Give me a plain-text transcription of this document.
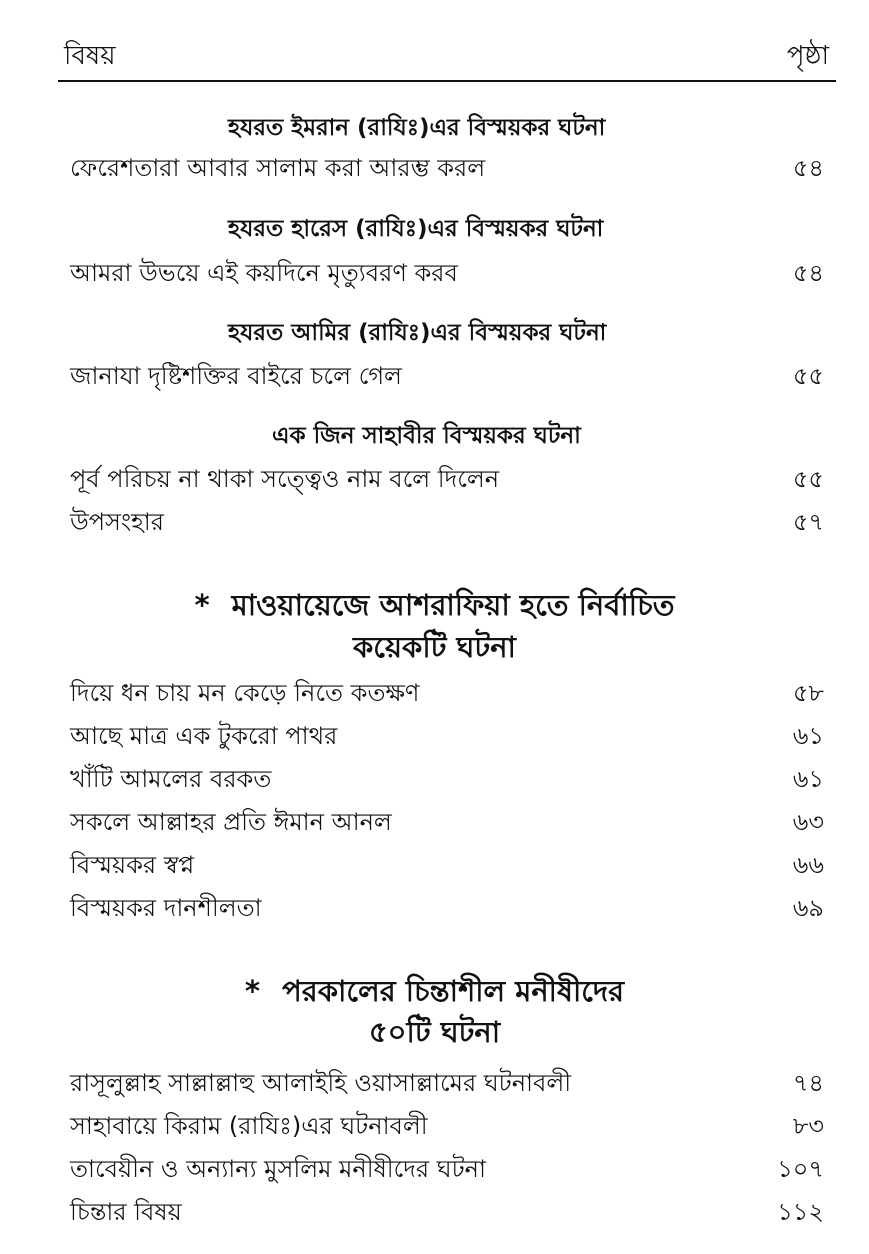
বিষয়	পৃষ্ঠা
হযরত ইমরান (রাযিঃ)এর বিস্ময়কর ঘটনা
ফেরেশতারা আবার সালাম করা আরম্ভ করল	৫৪
হযরত হারেস (রাযিঃ)এর বিস্ময়কর ঘটনা
আমরা উভয়ে এই কয়দিনে মৃত্যুবরণ করব	৫৪
হযরত আমির (রাযিঃ)এর বিস্ময়কর ঘটনা
জানাযা দৃষ্টিশক্তির বাইরে চলে গেল	৫৫
এক জিন সাহাবীর বিস্ময়কর ঘটনা
পূর্ব পরিচয় না থাকা সত্ত্বেও নাম বলে দিলেন	৫৫
উপসংহার	৫৭
* মাওয়ায়েজে আশরাফিয়া হতে নির্বাচিত
কয়েকটি ঘটনা
দিয়ে ধন চায় মন কেড়ে নিতে কতক্ষণ	৫৮
আছে মাত্র এক টুকরো পাথর	৬১
খাঁটি আমলের বরকত	৬১
সকলে আল্লাহর প্রতি ঈমান আনল	৬৩
বিস্ময়কর স্বপ্ন	৬৬
বিস্ময়কর দানশীলতা	৬৯
* পরকালের চিন্তাশীল মনীষীদের
৫০টি ঘটনা
রাসূলুল্লাহ সাল্লাল্লাহু আলাইহি ওয়াসাল্লামের ঘটনাবলী	৭৪
সাহাবায়ে কিরাম (রাযিঃ)এর ঘটনাবলী	৮৩
তাবেয়ীন ও অন্যান্য মুসলিম মনীষীদের ঘটনা	১০৭
চিন্তার বিষয়	১১২
